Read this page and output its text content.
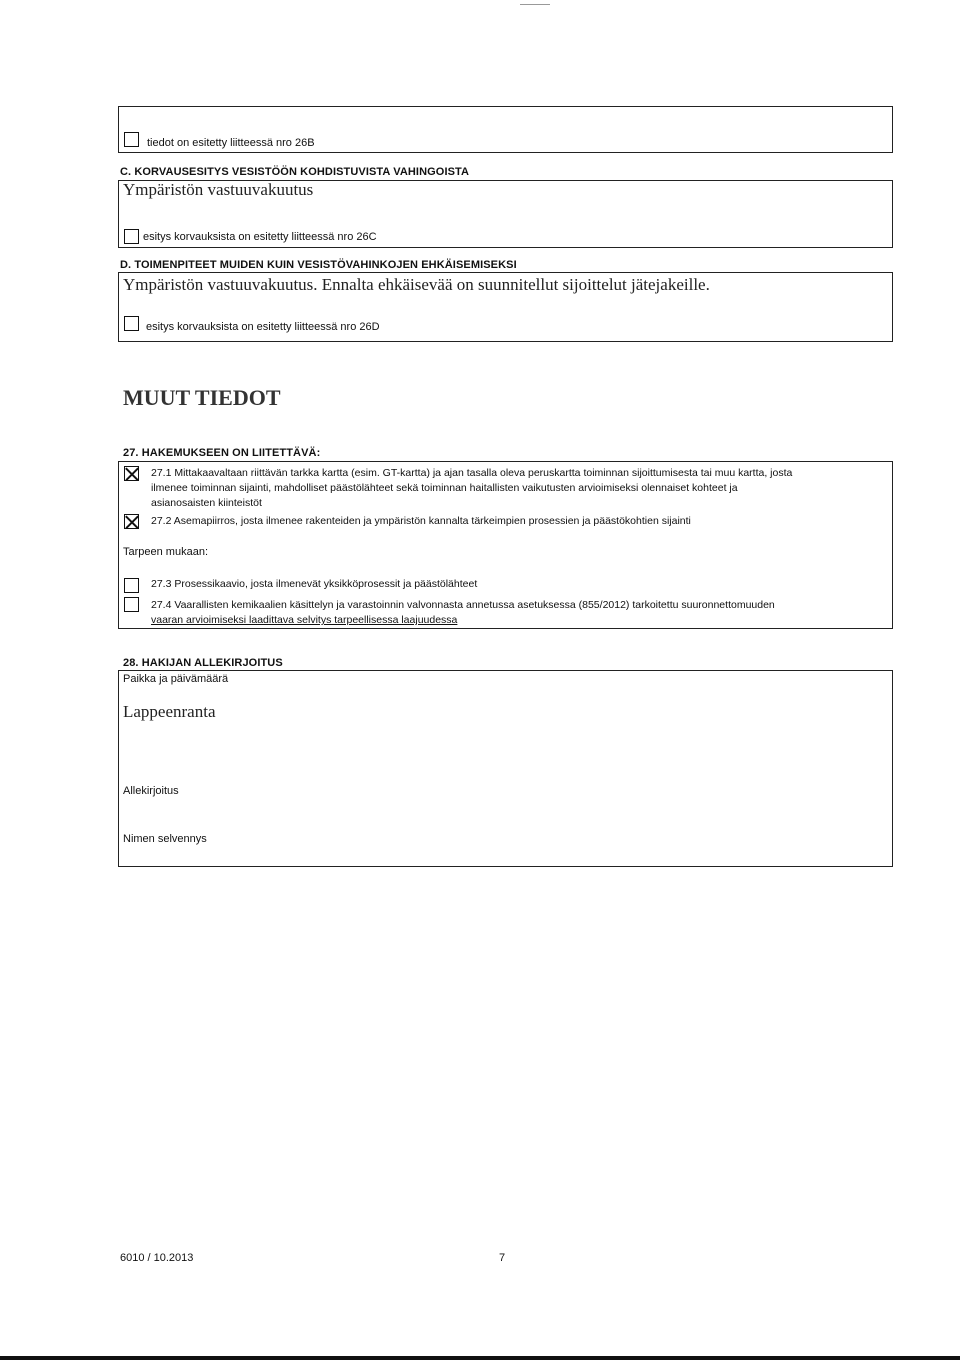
tiedot on esitetty liitteessä nro 26B
C. KORVAUSESITYS VESISTÖÖN KOHDISTUVISTA VAHINGOISTA
Ympäristön vastuuvakuutus
esitys korvauksista on esitetty liitteessä nro 26C
D. TOIMENPITEET MUIDEN KUIN VESISTÖVAHINKOJEN EHKÄISEMISEKSI
Ympäristön vastuuvakuutus. Ennalta ehkäisevää on suunnitellut sijoittelut jätejakeille.
esitys korvauksista on esitetty liitteessä nro 26D
MUUT TIEDOT
27. HAKEMUKSEEN ON LIITETTÄVÄ:
27.1 Mittakaavaltaan riittävän tarkka kartta (esim. GT-kartta) ja ajan tasalla oleva peruskartta toiminnan sijoittumisesta tai muu kartta, josta
ilmenee toiminnan sijainti, mahdolliset päästölähteet sekä toiminnan haitallisten vaikutusten arvioimiseksi olennaiset kohteet ja
asianosaisten kiinteistöt
27.2 Asemapiirros, josta ilmenee rakenteiden ja ympäristön kannalta tärkeimpien prosessien ja päästökohtien sijainti
Tarpeen mukaan:
27.3 Prosessikaavio, josta ilmenevät yksikköprosessit ja päästölähteet
27.4 Vaarallisten kemikaalien käsittelyn ja varastoinnin valvonnasta annetussa asetuksessa (855/2012) tarkoitettu suuronnettomuuden
vaaran arvioimiseksi laadittava selvitys tarpeellisessa laajuudessa
28. HAKIJAN ALLEKIRJOITUS
Paikka ja päivämäärä
Lappeenranta
Allekirjoitus
Nimen selvennys
6010 / 10.2013	7
